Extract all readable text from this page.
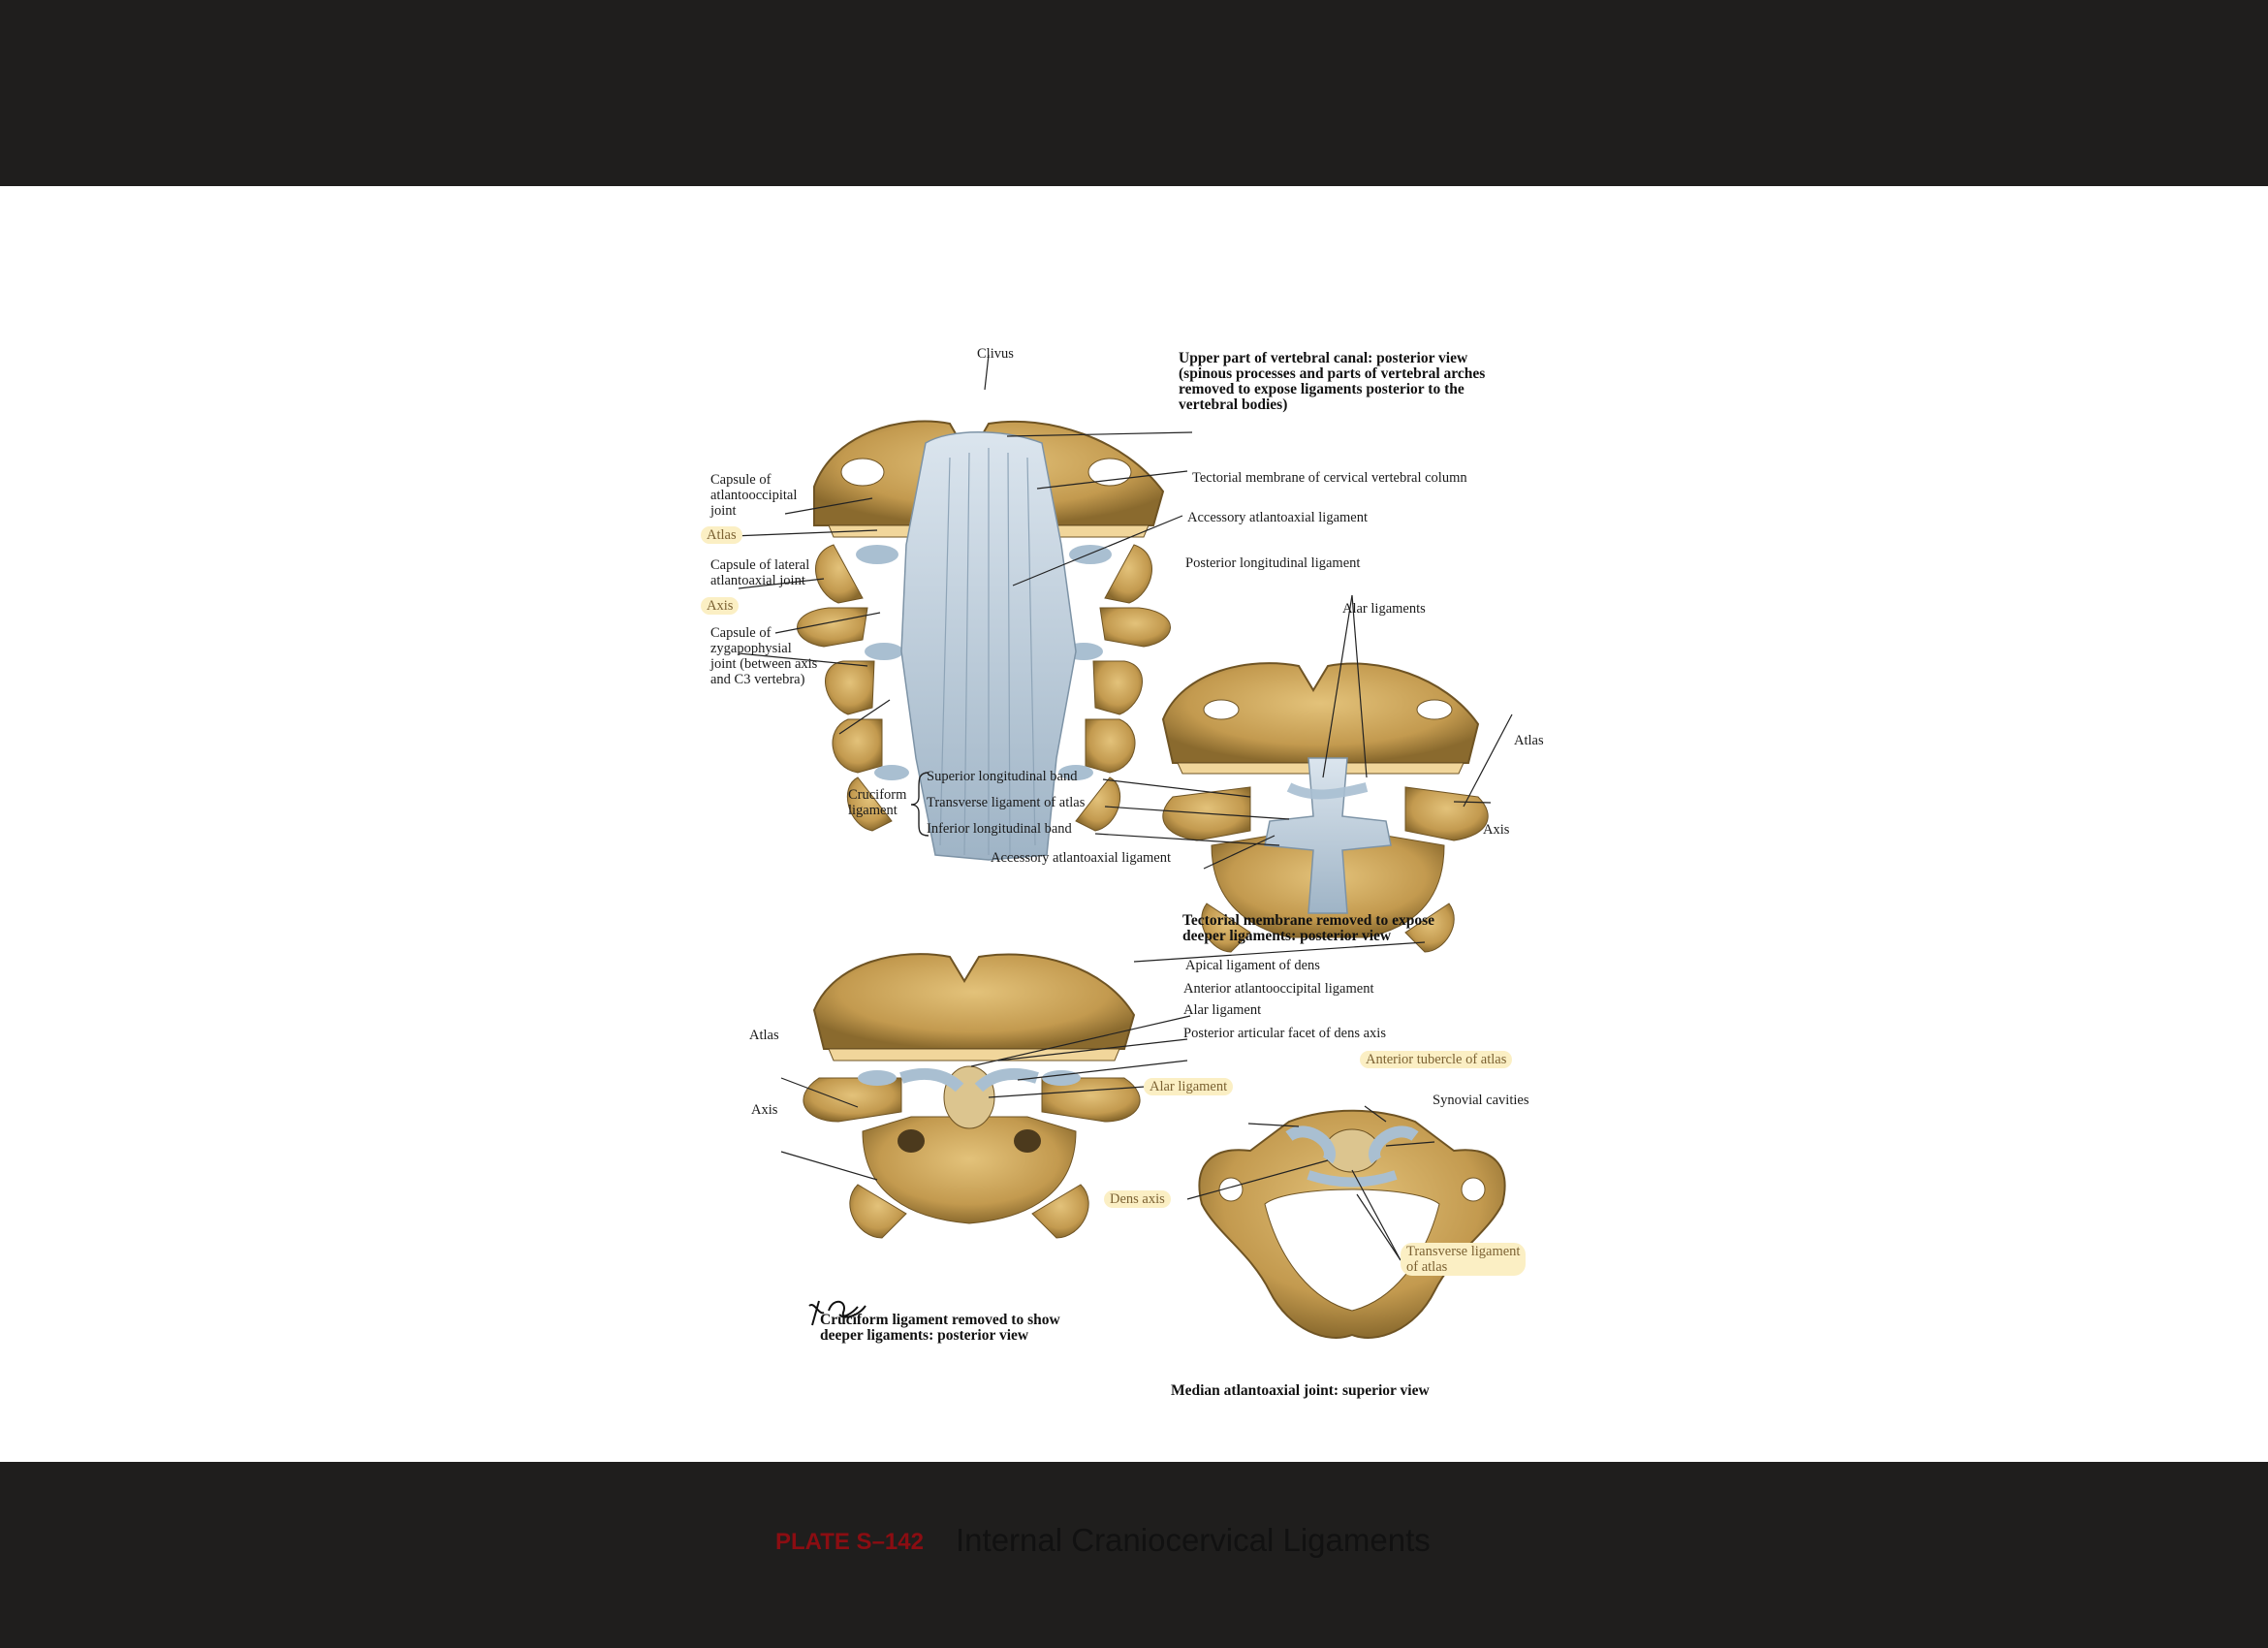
Clivus	Upper part of vertebral canal: posterior view
(spinous processes and parts of vertebral arches
removed to expose ligaments posterior to the
vertebral bodies)
Capsule of
atlantooccipital
joint
Atlas
Capsule of lateral
atlantoaxial joint
Axis
Capsule of
zygapophysial
joint (between axis
and C3 vertebra)
Tectorial membrane of cervical vertebral column
Accessory atlantoaxial ligament
Posterior longitudinal ligament
Alar ligaments
Atlas
Axis
Cruciform
ligament
Superior longitudinal band
Transverse ligament of atlas
Inferior longitudinal band
Accessory atlantoaxial ligament
Tectorial membrane removed to expose
deeper ligaments: posterior view
Apical ligament of dens
Anterior atlantooccipital ligament
Alar ligament
Posterior articular facet of dens axis
Atlas
Axis
Cruciform ligament removed to show
deeper ligaments: posterior view
Anterior tubercle of atlas
Alar ligament
Synovial cavities
Dens axis
Transverse ligament
of atlas
Median atlantoaxial joint: superior view
PLATE S–142 Internal Craniocervical Ligaments
